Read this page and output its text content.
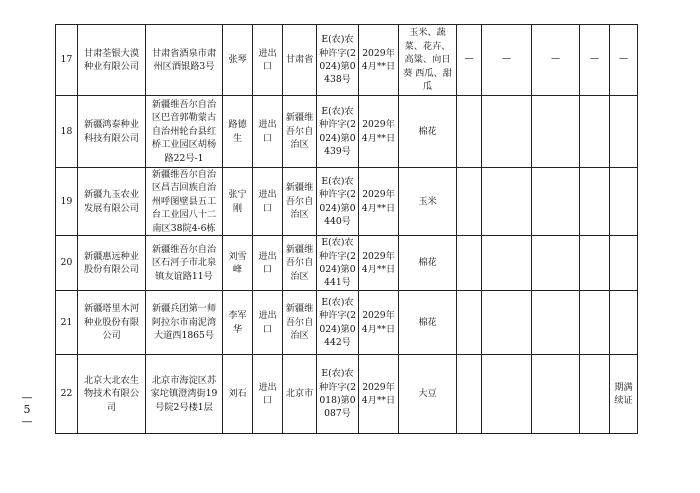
—
5
—
17	甘肃荃银大漠种业有限公司	甘肃省酒泉市肃州区酒银路3号	张琴	进出口	甘肃省	E(农)农种许字(2024)第0438号	2029年4月**日	玉米、蔬菜、花卉、高粱、向日葵 西瓜、甜瓜	—	—	—	—	—
18	新疆鸿泰种业科技有限公司	新疆维吾尔自治区巴音郭勒蒙古自治州轮台县红桥工业园区胡杨路22号-1	路德生	进出口	新疆维吾尔自治区	E(农)农种许字(2024)第0439号	2029年4月**日	棉花					
19	新疆九玉农业发展有限公司	新疆维吾尔自治区昌吉回族自治州呼图壁县五工台工业园八十二南区38院4-6栋	张宁刚	进出口	新疆维吾尔自治区	E(农)农种许字(2024)第0440号	2029年4月**日	玉米					
20	新疆惠远种业股份有限公司	新疆维吾尔自治区石河子市北泉镇友谊路11号	刘雪峰	进出口	新疆维吾尔自治区	E(农)农种许字(2024)第0441号	2029年4月**日	棉花					
21	新疆塔里木河种业股份有限公司	新疆兵团第一师阿拉尔市南泥湾大道西1865号	李军华	进出口	新疆维吾尔自治区	E(农)农种许字(2024)第0442号	2029年4月**日	棉花					
22	北京大北农生物技术有限公司	北京市海淀区苏家坨镇澄湾街19号院2号楼1层	刘石	进出口	北京市	E(农)农种许字(2018)第0087号	2029年4月**日	大豆					期满续证
